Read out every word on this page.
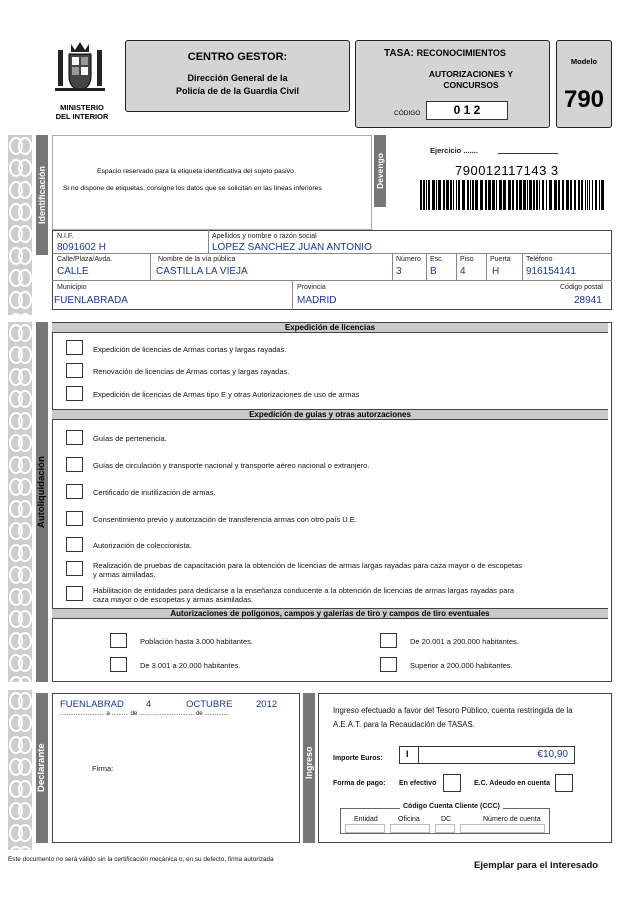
MINISTERIO
DEL INTERIOR
CENTRO GESTOR:
Dirección General de la
Policía de de la Guardia Civil
TASA: RECONOCIMIENTOS
AUTORIZACIONES Y
CONCURSOS
CÓDIGO	0 1 2
Modelo
790
Identificación	Espacio reservado para la etiqueta identificativa del sujeto pasivo
Si no dispone de etiquetas, consigne los datos que se solicitan en las líneas inferiores	Devengo
Ejercicio .......
790012117143 3
N.I.F.
8091602 H
Apellidos y nombre o razón social
LOPEZ SANCHEZ JUAN ANTONIO
Calle/Plaza/Avda.
CALLE
Nombre de la vía pública
CASTILLA LA VIEJA
Número
3
Esc.
B
Piso
4
Puerta
H
Teléfono
916154141
Municipio
FUENLABRADA
Provincia
MADRID
Código postal
28941
Autoliquidación
Expedición de licencias
Expedición de licencias de Armas cortas y largas rayadas.
Renovación de licencias de Armas cortas y largas rayadas.
Expedición de licencias de Armas tipo E y otras Autorizaciones de uso de armas
Expedición de guías y otras autorzaciones
Guías de pertenencia.
Guías de circulación y transporte nacional y transporte aéreo nacional o extranjero.
Certificado de inutilización de armas.
Consentimiento previo y autorización de transferencia armas con otro país U.E.
Autorización de coleccionista.
Realización de pruebas de capacitación para la obtención de licencias de armas largas rayadas para caza mayor o de escopetas
y armas aimiladas.
Habilitación de entidades para dedicarse a la enseñanza conducente a la obtención de licencias de armas largas rayadas para
caza mayor o de escopetas y armas asimiladas.
Autorizaciones de polígonos, campos y galerías de tiro y campos de tiro eventuales
Población hasta 3.000 habitantes.
De 3.001 a 20.000 habitantes.
De 20.001 a 200.000 habitantes.
Superior a 200.000 habitantes.
Declarante
FUENLABRAD 4	OCTUBRE 2012
.......................... a .......... de ................................ de ..............
Firma:	Ingreso
Ingreso efectuado a favor del Tesoro Público, cuenta restringida de la
A.E.A.T. para la Recaudación de TASAS.
Importe Euros:	I	€10,90
Forma de pago: En efectivo	E.C. Adeudo en cuenta
Código Cuenta Cliente (CCC)
Entidad	Oficina	DC	Número de cuenta
Este documento no será válido sin la certificación mecánica o, en su defecto, firma autorizada
Ejemplar para el interesado
